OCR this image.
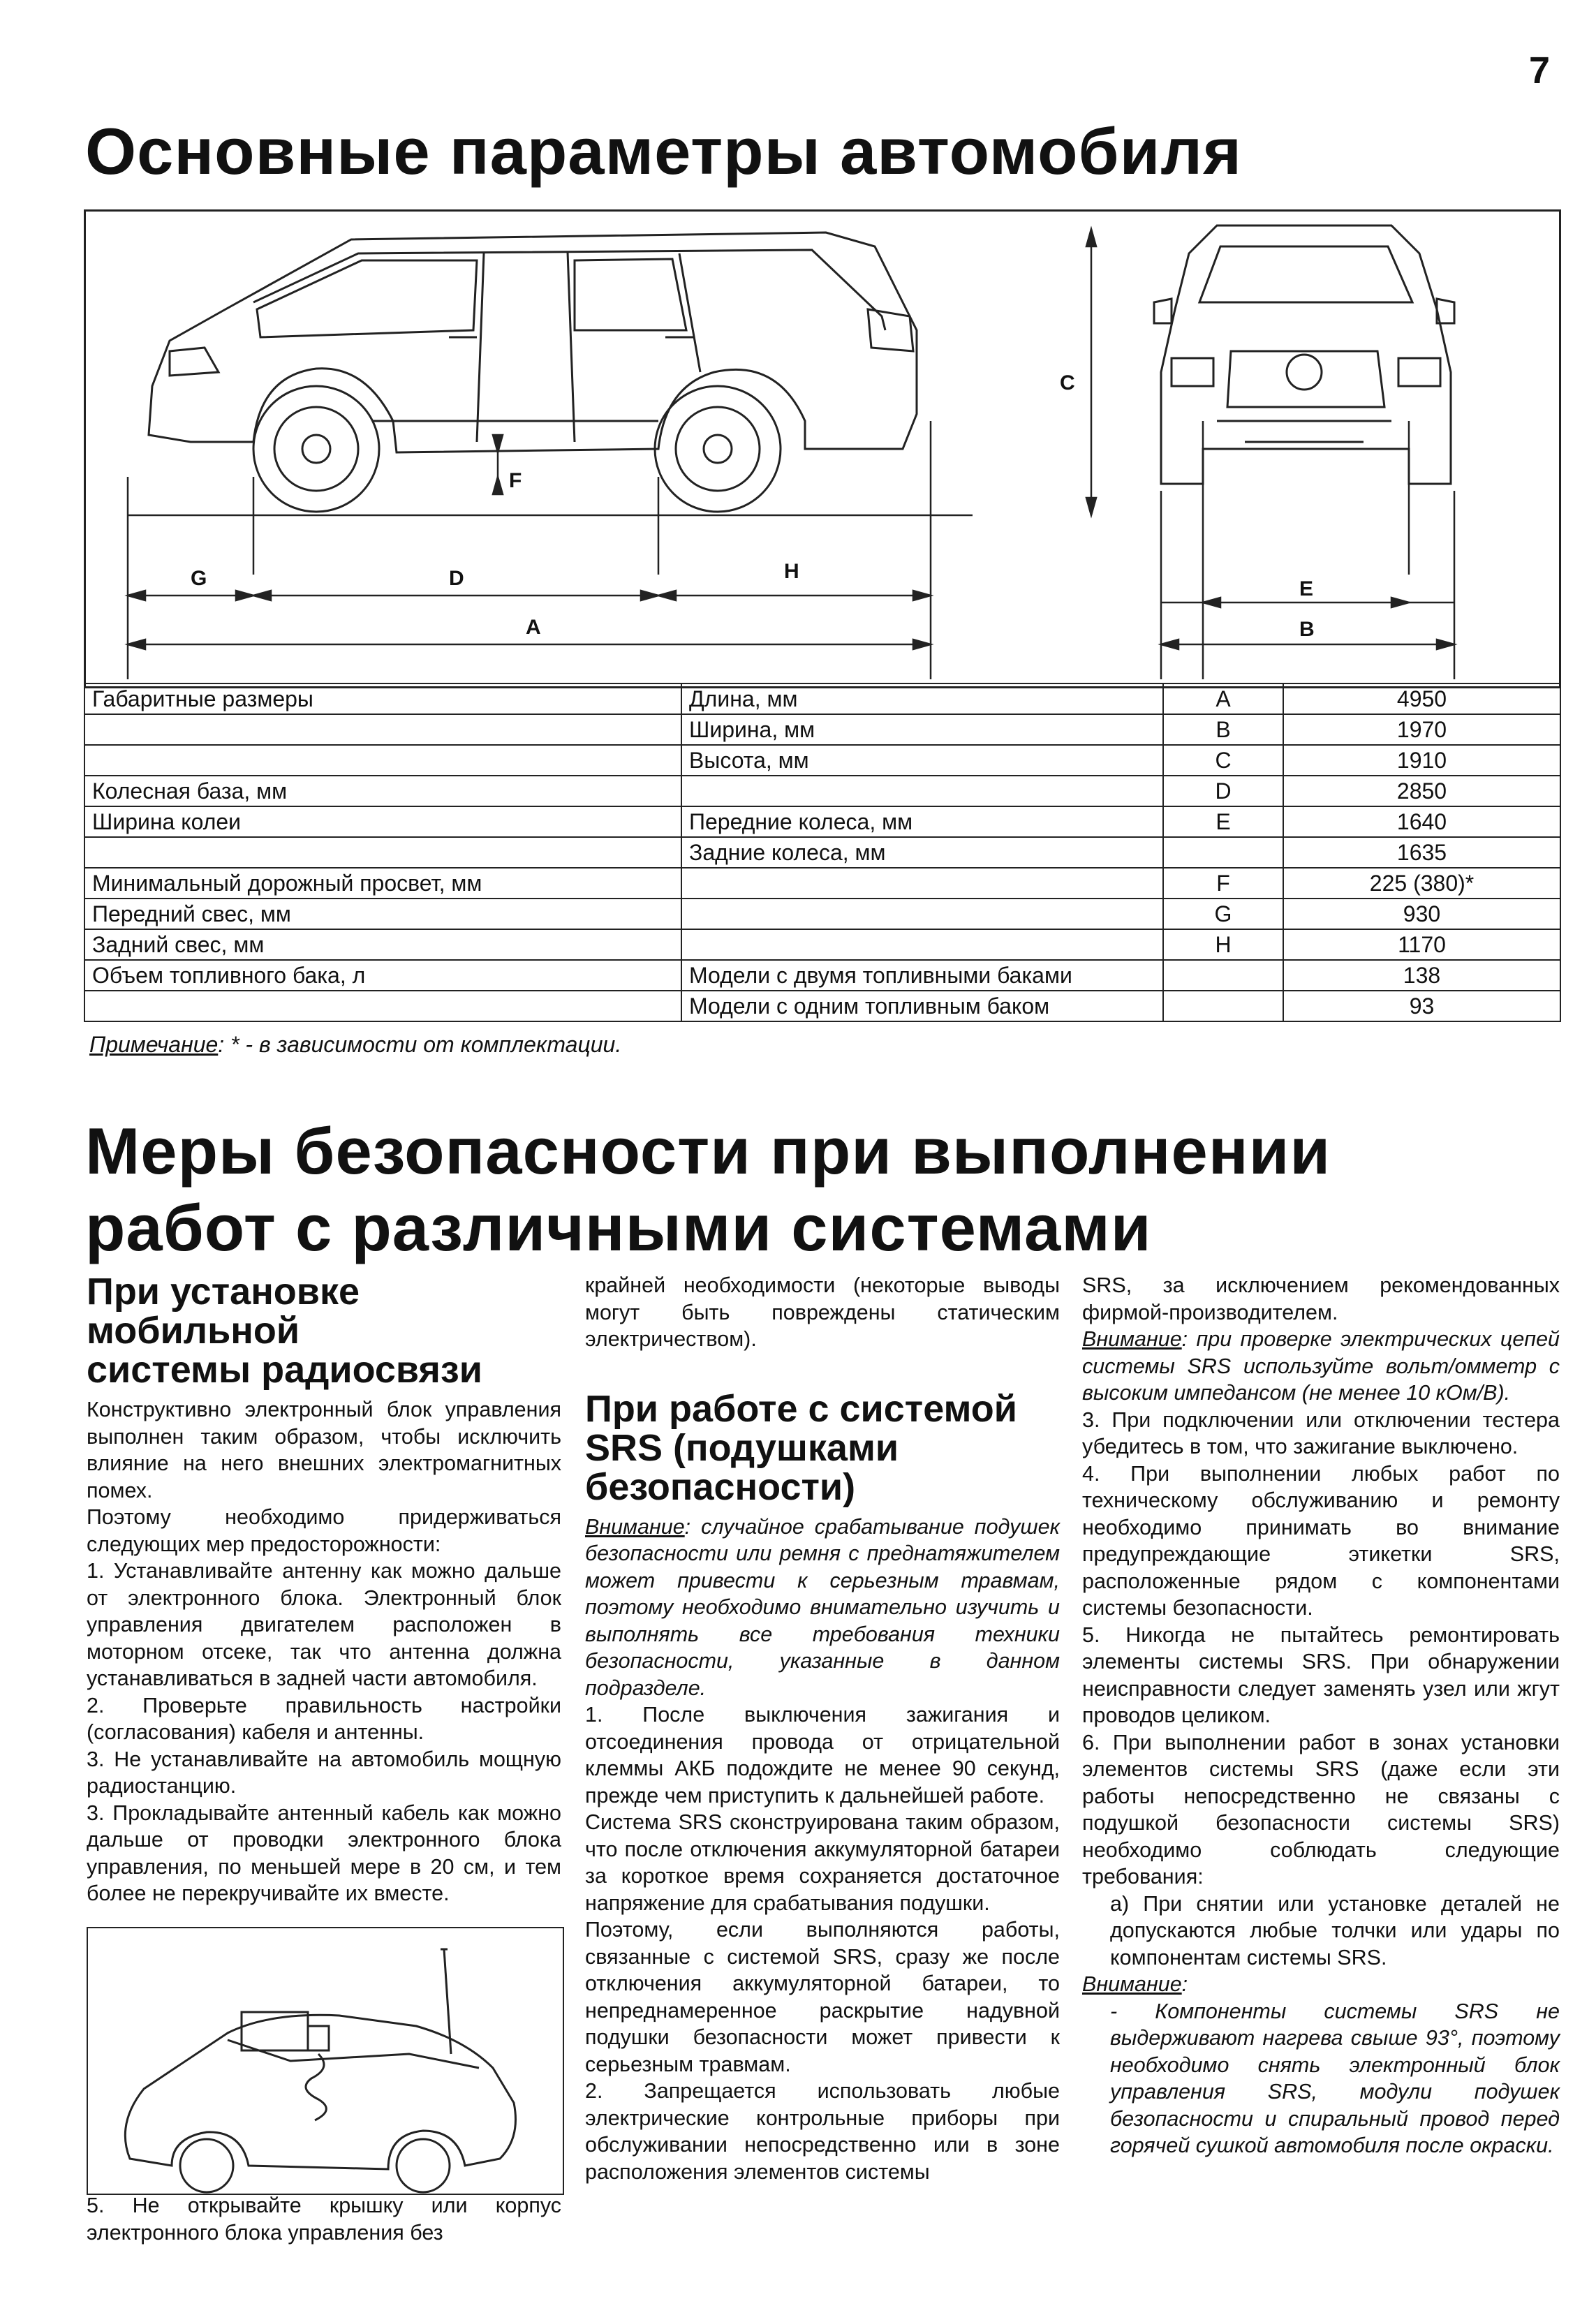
7
Основные параметры автомобиля
G	D	H
A
F
C
E
B
Габаритные размеры	Длина, мм	A	4950
	Ширина, мм	B	1970
	Высота, мм	C	1910
Колесная база, мм		D	2850
Ширина колеи	Передние колеса, мм	E	1640
	Задние колеса, мм		1635
Минимальный дорожный просвет, мм		F	225 (380)*
Передний свес, мм		G	930
Задний свес, мм		H	1170
Объем топливного бака, л	Модели с двумя топливными баками		138
	Модели с одним топливным баком		93
Примечание: * - в зависимости от комплектации.
Меры безопасности при выполнении
работ с различными системами
При установке мобильной
системы радиосвязи

Конструктивно электронный блок управления выполнен таким образом, чтобы исключить влияние на него внешних электромагнитных помех.

Поэтому необходимо придерживаться следующих мер предосторожности:

1. Устанавливайте антенну как можно дальше от электронного блока. Электронный блок управления двигателем расположен в моторном отсеке, так что антенна должна устанавливаться в задней части автомобиля.

2. Проверьте правильность настройки (согласования) кабеля и антенны.

3. Не устанавливайте на автомобиль мощную радиостанцию.

3. Прокладывайте антенный кабель как можно дальше от проводки электронного блока управления, по меньшей мере в 20 см, и тем более не перекручивайте их вместе.

5. Не открывайте крышку или корпус электронного блока управления без

крайней необходимости (некоторые выводы могут быть повреждены статическим электричеством).

При работе с системой SRS (подушками безопасности)

Внимание: случайное срабатывание подушек безопасности или ремня с преднатяжителем может привести к серьезным травмам, поэтому необходимо внимательно изучить и выполнять все требования техники безопасности, указанные в данном подразделе.

1. После выключения зажигания и отсоединения провода от отрицательной клеммы АКБ подождите не менее 90 секунд, прежде чем приступить к дальнейшей работе.

Система SRS сконструирована таким образом, что после отключения аккумуляторной батареи за короткое время сохраняется достаточное напряжение для срабатывания подушки.

Поэтому, если выполняются работы, связанные с системой SRS, сразу же после отключения аккумуляторной батареи, то непреднамеренное раскрытие надувной подушки безопасности может привести к серьезным травмам.

2. Запрещается использовать любые электрические контрольные приборы при обслуживании непосредственно или в зоне расположения элементов системы

SRS, за исключением рекомендованных фирмой-производителем.

Внимание: при проверке электрических цепей системы SRS используйте вольт/омметр с высоким импедансом (не менее 10 кОм/В).

3. При подключении или отключении тестера убедитесь в том, что зажигание выключено.

4. При выполнении любых работ по техническому обслуживанию и ремонту необходимо принимать во внимание предупреждающие этикетки SRS, расположенные рядом с компонентами системы безопасности.

5. Никогда не пытайтесь ремонтировать элементы системы SRS. При обнаружении неисправности следует заменять узел или жгут проводов целиком.

6. При выполнении работ в зонах установки элементов системы SRS (даже если эти работы непосредственно не связаны с подушкой безопасности системы SRS) необходимо соблюдать следующие требования:

а) При снятии или установке деталей не допускаются любые толчки или удары по компонентам системы SRS.

Внимание:

- Компоненты системы SRS не выдерживают нагрева свыше 93°, поэтому необходимо снять электронный блок управления SRS, модули подушек безопасности и спиральный провод перед горячей сушкой автомобиля после окраски.
